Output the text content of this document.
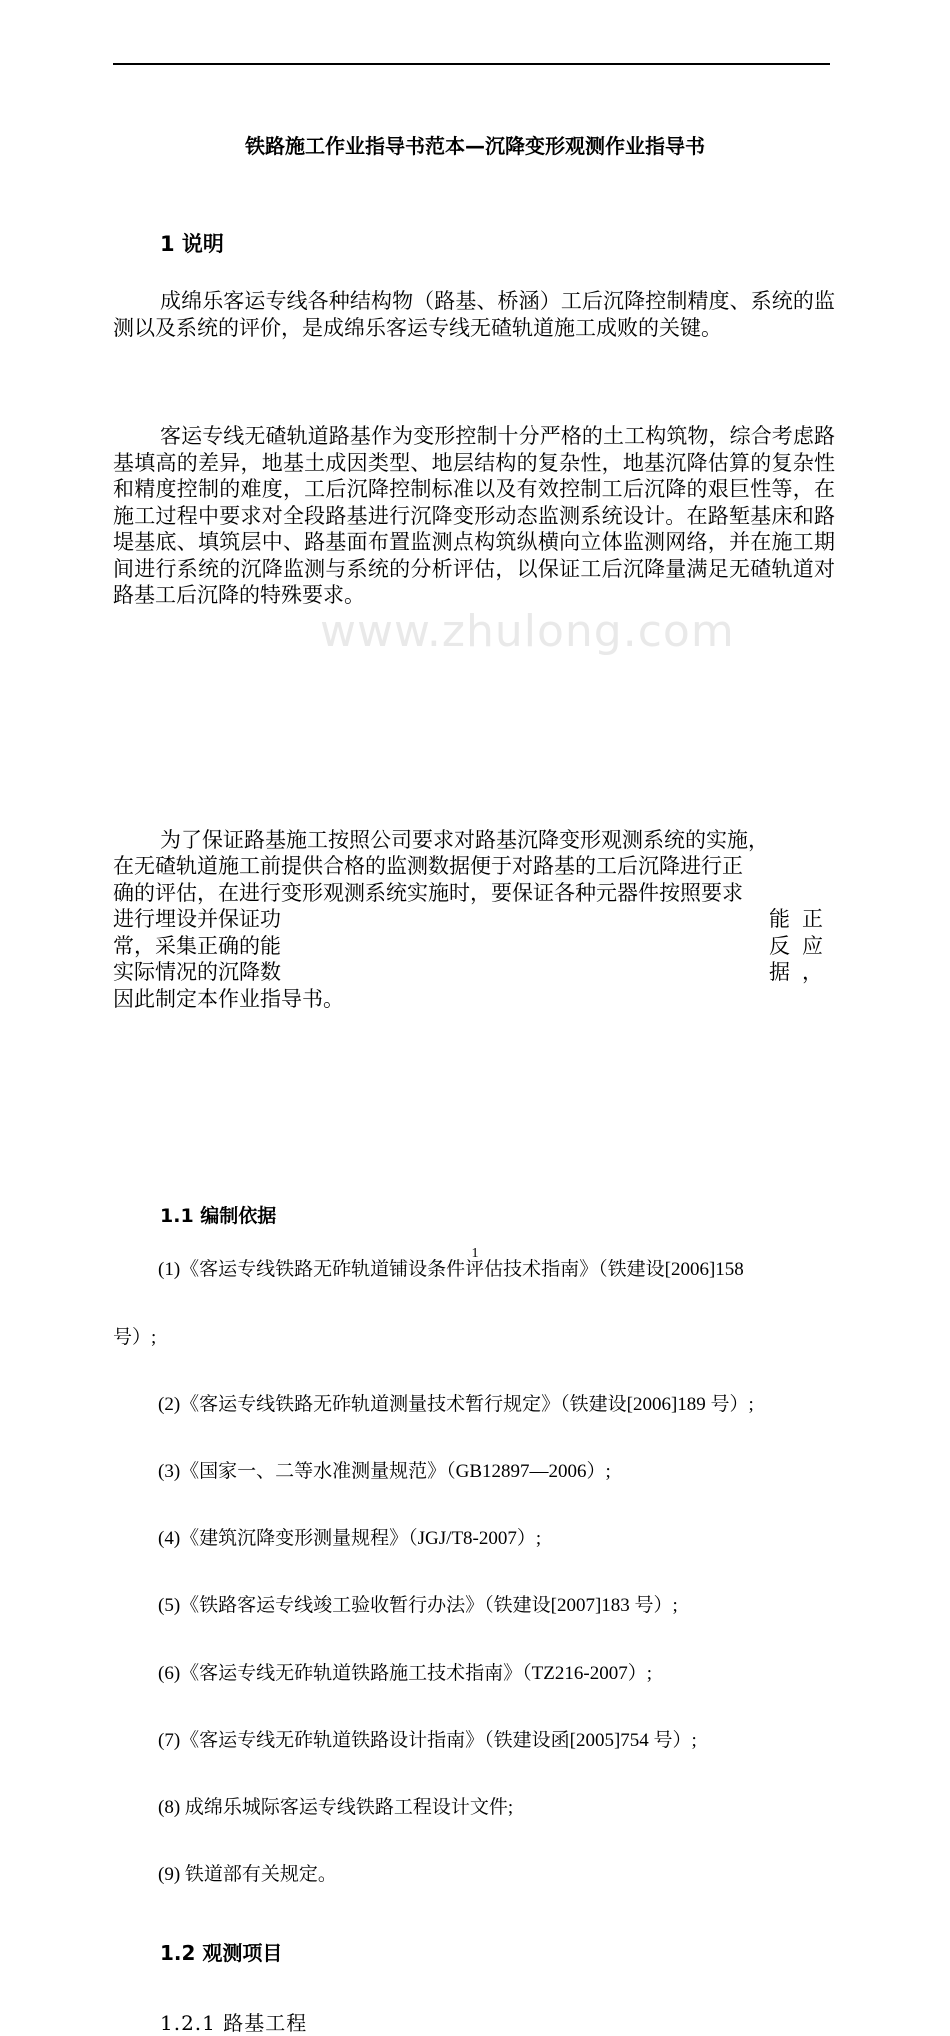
www.zhulong.com
铁路施工作业指导书范本—沉降变形观测作业指导书
1 说明

成绵乐客运专线各种结构物（路基、桥涵）工后沉降控制精度、系统的监测以及系统的评价，是成绵乐客运专线无碴轨道施工成败的关键。

客运专线无碴轨道路基作为变形控制十分严格的土工构筑物，综合考虑路基填高的差异，地基土成因类型、地层结构的复杂性，地基沉降估算的复杂性和精度控制的难度，工后沉降控制标准以及有效控制工后沉降的艰巨性等，在施工过程中要求对全段路基进行沉降变形动态监测系统设计。在路堑基床和路堤基底、填筑层中、路基面布置监测点构筑纵横向立体监测网络，并在施工期间进行系统的沉降监测与系统的分析评估，以保证工后沉降量满足无碴轨道对路基工后沉降的特殊要求。

为了保证路基施工按照公司要求对路基沉降变形观测系统的实施，
在无碴轨道施工前提供合格的监测数据便于对路基的工后沉降进行正
确的评估，在进行变形观测系统实施时，要保证各种元器件按照要求
进行埋设并保证功	能正
常，采集正确的能	反应
实际情况的沉降数	据，
因此制定本作业指导书。
1.1 编制依据
(1)《客运专线铁路无砟轨道铺设条件评估技术指南》（铁建设[2006]158
号）;
(2)《客运专线铁路无砟轨道测量技术暂行规定》（铁建设[2006]189 号）;
(3)《国家一、二等水准测量规范》（GB12897—2006）;
(4)《建筑沉降变形测量规程》（JGJ/T8-2007）;
(5)《铁路客运专线竣工验收暂行办法》（铁建设[2007]183 号）;
(6)《客运专线无砟轨道铁路施工技术指南》（TZ216-2007）;
(7)《客运专线无砟轨道铁路设计指南》（铁建设函[2005]754 号）;
(8) 成绵乐城际客运专线铁路工程设计文件;
(9) 铁道部有关规定。
1.2 观测项目
1.2.1 路基工程
1
